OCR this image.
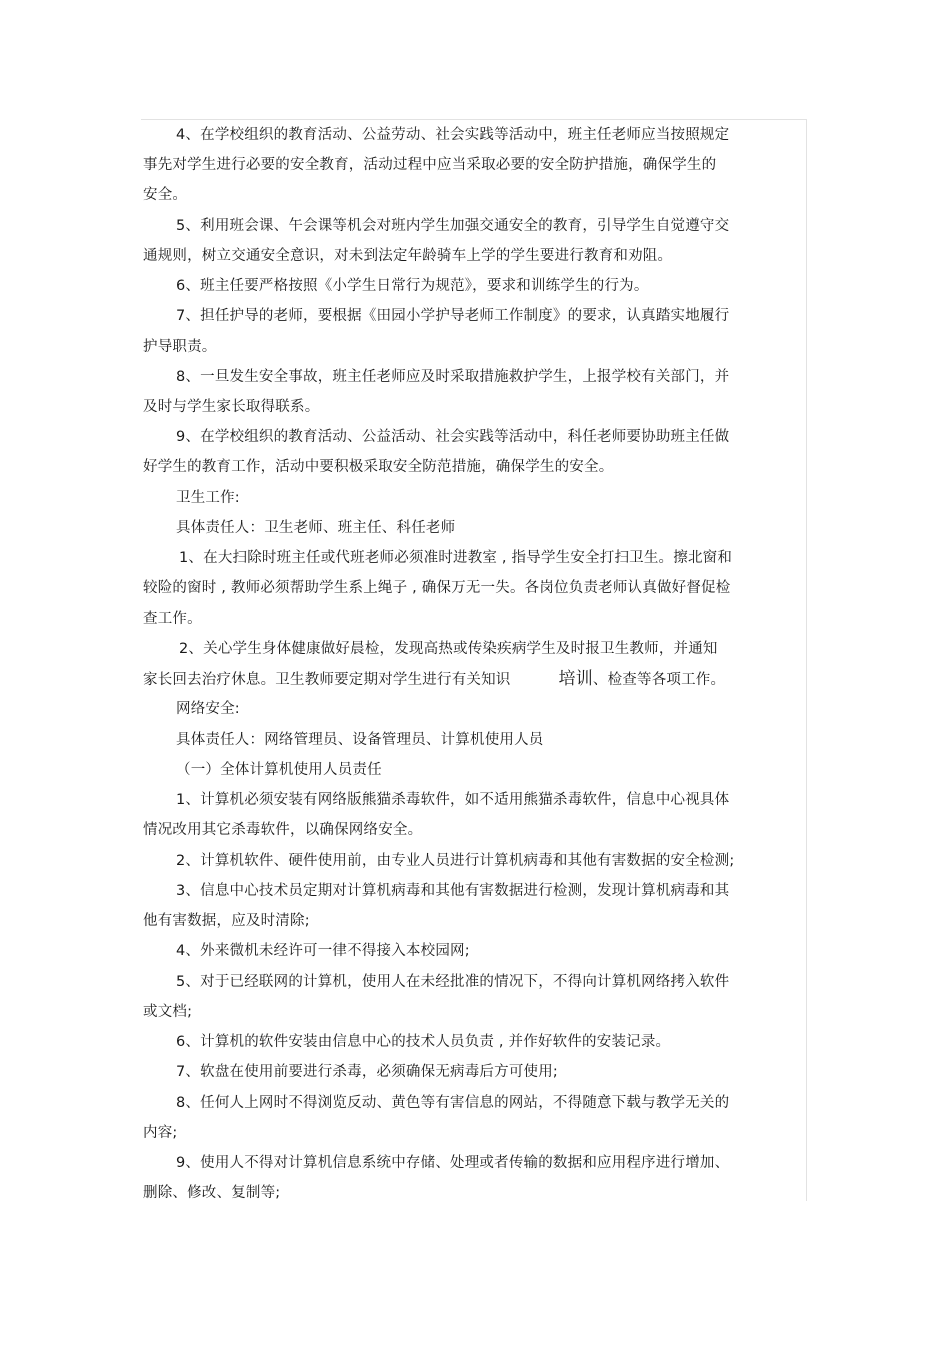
4、在学校组织的教育活动、公益劳动、社会实践等活动中，班主任老师应当按照规定
事先对学生进行必要的安全教育，活动过程中应当采取必要的安全防护措施，确保学生的
安全。
5、利用班会课、午会课等机会对班内学生加强交通安全的教育，引导学生自觉遵守交
通规则，树立交通安全意识，对未到法定年龄骑车上学的学生要进行教育和劝阻。
6、班主任要严格按照《小学生日常行为规范》，要求和训练学生的行为。
7、担任护导的老师，要根据《田园小学护导老师工作制度》的要求，认真踏实地履行
护导职责。
8、一旦发生安全事故，班主任老师应及时采取措施救护学生，上报学校有关部门，并
及时与学生家长取得联系。
9、在学校组织的教育活动、公益活动、社会实践等活动中，科任老师要协助班主任做
好学生的教育工作，活动中要积极采取安全防范措施，确保学生的安全。
卫生工作:
具体责任人：卫生老师、班主任、科任老师
1、在大扫除时班主任或代班老师必须准时进教室 , 指导学生安全打扫卫生。擦北窗和
较险的窗时 , 教师必须帮助学生系上绳子 , 确保万无一失。各岗位负责老师认真做好督促检
查工作。
2、关心学生身体健康做好晨检，发现高热或传染疾病学生及时报卫生教师，并通知
家长回去治疗休息。卫生教师要定期对学生进行有关知识	培训、检查等各项工作。
网络安全:
具体责任人：网络管理员、设备管理员、计算机使用人员
（一）全体计算机使用人员责任
1、计算机必须安装有网络版熊猫杀毒软件，如不适用熊猫杀毒软件，信息中心视具体
情况改用其它杀毒软件，以确保网络安全。
2、计算机软件、硬件使用前，由专业人员进行计算机病毒和其他有害数据的安全检测;
3、信息中心技术员定期对计算机病毒和其他有害数据进行检测，发现计算机病毒和其
他有害数据，应及时清除;
4、外来微机未经许可一律不得接入本校园网;
5、对于已经联网的计算机，使用人在未经批准的情况下，不得向计算机网络拷入软件
或文档;
6、计算机的软件安装由信息中心的技术人员负责 , 并作好软件的安装记录。
7、软盘在使用前要进行杀毒，必须确保无病毒后方可使用;
8、任何人上网时不得浏览反动、黄色等有害信息的网站，不得随意下载与教学无关的
内容;
9、使用人不得对计算机信息系统中存储、处理或者传输的数据和应用程序进行增加、
删除、修改、复制等;
